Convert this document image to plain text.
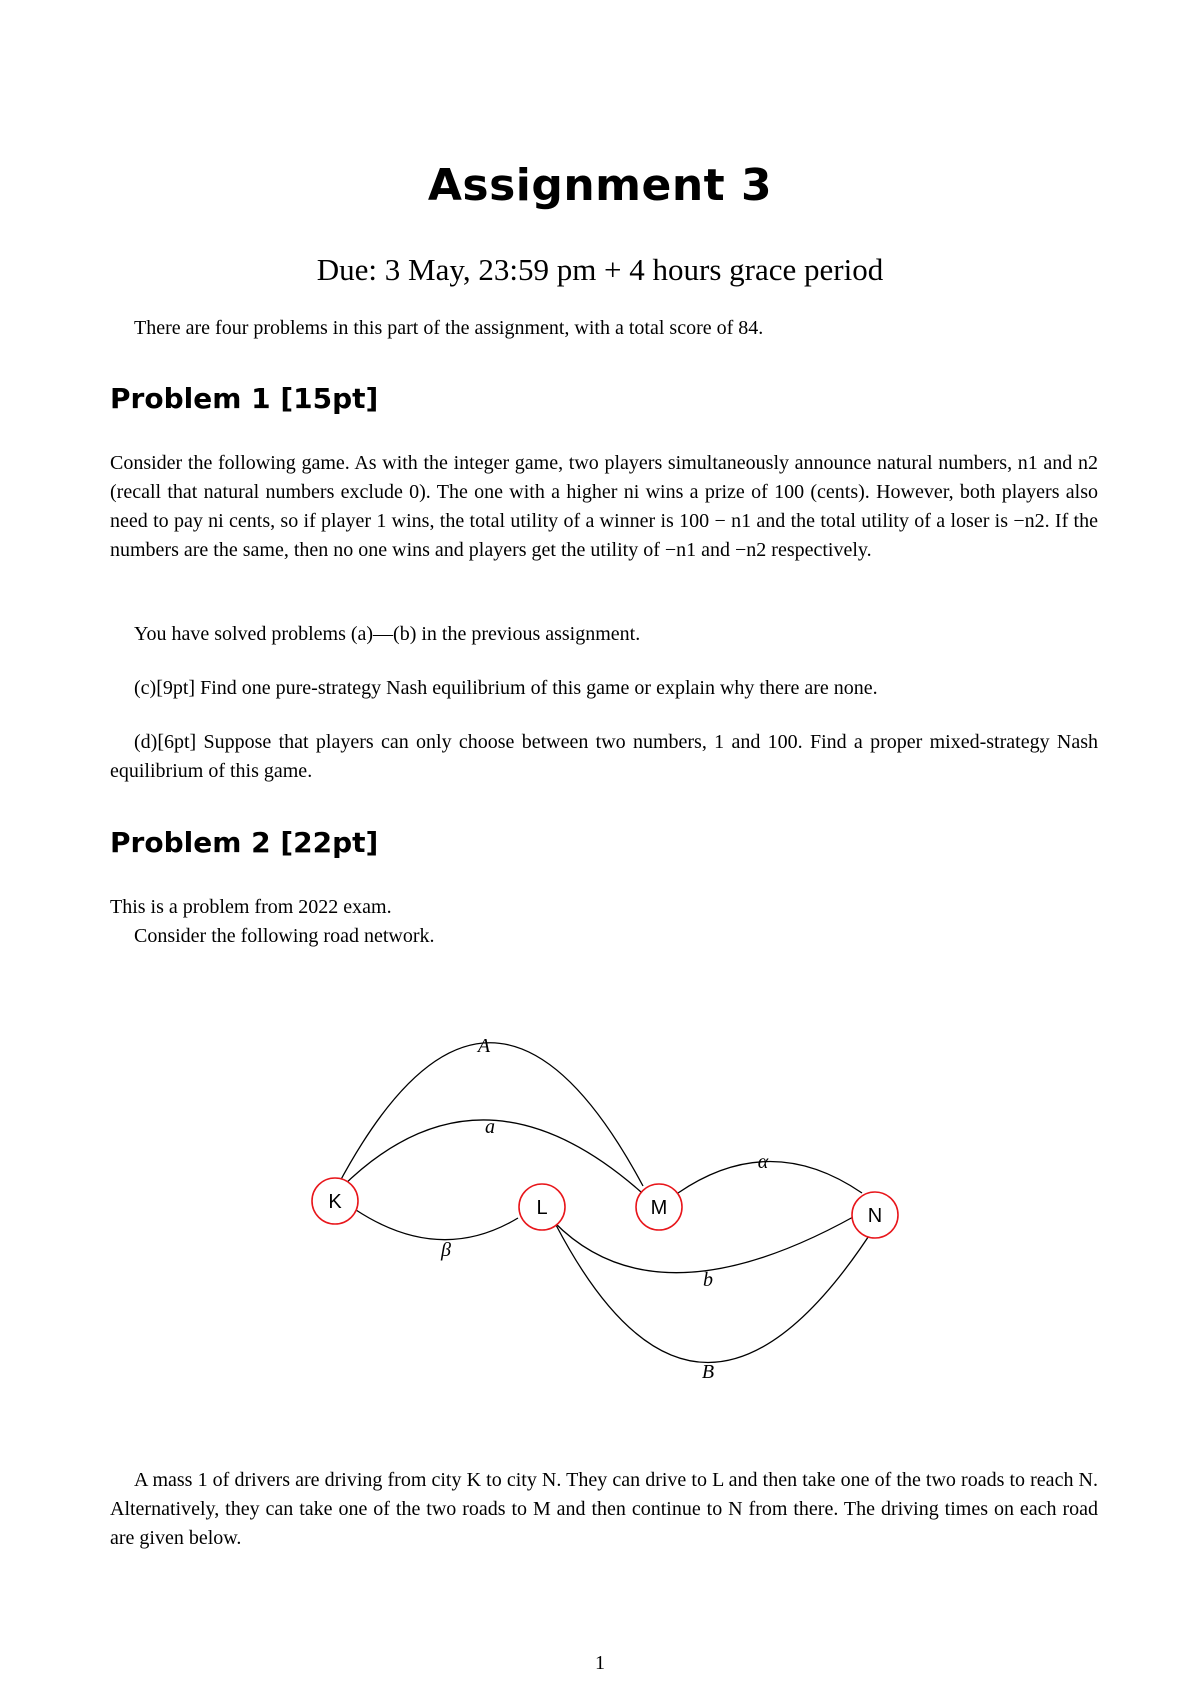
Assignment 3
Due: 3 May, 23:59 pm + 4 hours grace period
There are four problems in this part of the assignment, with a total score of 84.
Problem 1 [15pt]
Consider the following game. As with the integer game, two players simultaneously announce natural numbers, n1 and n2 (recall that natural numbers exclude 0). The one with a higher ni wins a prize of 100 (cents). However, both players also need to pay ni cents, so if player 1 wins, the total utility of a winner is 100 − n1 and the total utility of a loser is −n2. If the numbers are the same, then no one wins and players get the utility of −n1 and −n2 respectively.
You have solved problems (a)—(b) in the previous assignment.
(c)[9pt] Find one pure-strategy Nash equilibrium of this game or explain why there are none.
(d)[6pt] Suppose that players can only choose between two numbers, 1 and 100. Find a proper mixed-strategy Nash equilibrium of this game.
Problem 2 [22pt]
This is a problem from 2022 exam.
Consider the following road network.
A
a
α
β
b
B
K	L	M	N
A mass 1 of drivers are driving from city K to city N. They can drive to L and then take one of the two roads to reach N. Alternatively, they can take one of the two roads to M and then continue to N from there. The driving times on each road are given below.
1
